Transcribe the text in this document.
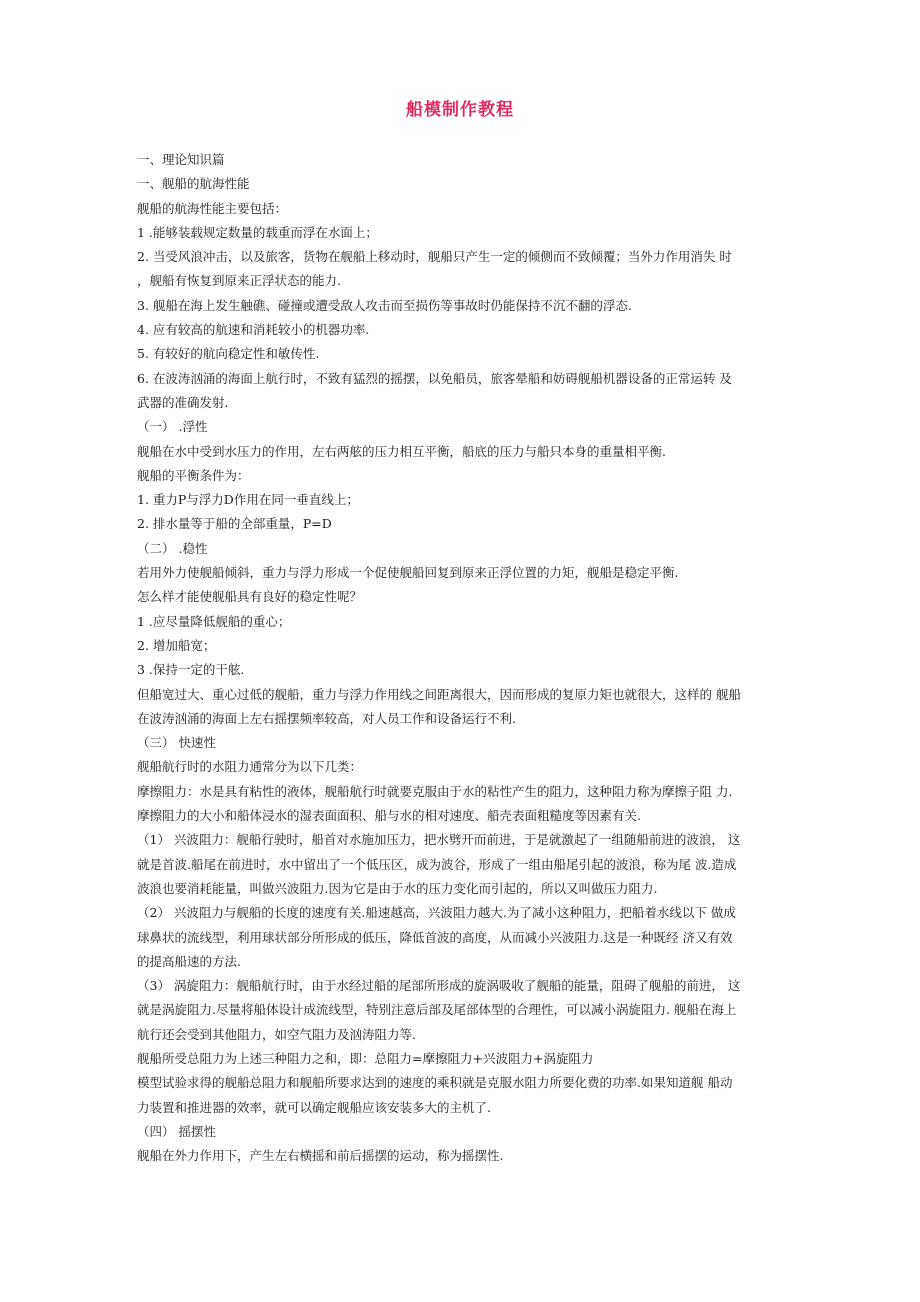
船模制作教程
一、理论知识篇
一、舰船的航海性能
舰船的航海性能主要包括：
1 .能够装载规定数量的载重而浮在水面上；
2. 当受风浪冲击，以及旅客，货物在舰船上移动时，舰船只产生一定的倾侧而不致倾覆；当外力作用消失 时
，舰船有恢复到原来正浮状态的能力.
3. 舰船在海上发生触礁、碰撞或遭受敌人攻击而至损伤等事故时仍能保持不沉不翻的浮态.
4. 应有较高的航速和消耗较小的机器功率.
5. 有较好的航向稳定性和敏传性.
6. 在波涛汹涌的海面上航行时，不致有猛烈的摇摆，以免船员，旅客晕船和妨碍舰船机器设备的正常运转 及
武器的准确发射.
（一） .浮性
舰船在水中受到水压力的作用，左右两舷的压力相互平衡，船底的压力与船只本身的重量相平衡.
舰船的平衡条件为：
1. 重力P与浮力D作用在同一垂直线上；
2. 排水量等于船的全部重量，P=D
（二） .稳性
若用外力使舰船倾斜，重力与浮力形成一个促使舰船回复到原来正浮位置的力矩，舰船是稳定平衡.
怎么样才能使舰船具有良好的稳定性呢？
1 .应尽量降低舰船的重心；
2. 增加船宽；
3 .保持一定的干舷.
但船宽过大、重心过低的舰船，重力与浮力作用线之间距离很大，因而形成的复原力矩也就很大，这样的 舰船
在波涛汹涌的海面上左右摇摆频率较高，对人员工作和设备运行不利.
（三） 快速性
舰船航行时的水阻力通常分为以下几类：
摩擦阻力：水是具有粘性的液体，舰船航行时就要克服由于水的粘性产生的阻力，这种阻力称为摩擦子阻 力.
摩擦阻力的大小和船体浸水的湿表面面积、船与水的相对速度、船壳表面粗糙度等因素有关.
（1） 兴波阻力：舰船行驶时，船首对水施加压力，把水劈开而前进，于是就激起了一组随船前进的波浪， 这
就是首波.船尾在前进时，水中留出了一个低压区，成为波谷，形成了一组由船尾引起的波浪，称为尾 波.造成
波浪也要消耗能量，叫做兴波阻力.因为它是由于水的压力变化而引起的，所以又叫做压力阻力.
（2） 兴波阻力与舰船的长度的速度有关.船速越高，兴波阻力越大.为了减小这种阻力，把船着水线以下 做成
球鼻状的流线型，利用球状部分所形成的低压，降低首波的高度，从而减小兴波阻力.这是一种既经 济又有效
的提高船速的方法.
（3） 涡旋阻力：舰船航行时，由于水经过船的尾部所形成的旋涡吸收了舰船的能量，阻碍了舰船的前进， 这
就是涡旋阻力.尽量将船体设计成流线型，特别注意后部及尾部体型的合理性，可以减小涡旋阻力. 舰船在海上
航行还会受到其他阻力，如空气阻力及汹涛阻力等.
舰船所受总阻力为上述三种阻力之和，即：总阻力=摩擦阻力+兴波阻力+涡旋阻力
模型试验求得的舰船总阻力和舰船所要求达到的速度的乘积就是克服水阻力所要化费的功率.如果知道舰 船动
力装置和推进器的效率，就可以确定舰船应该安装多大的主机了.
（四） 摇摆性
舰船在外力作用下，产生左右横摇和前后摇摆的运动，称为摇摆性.
